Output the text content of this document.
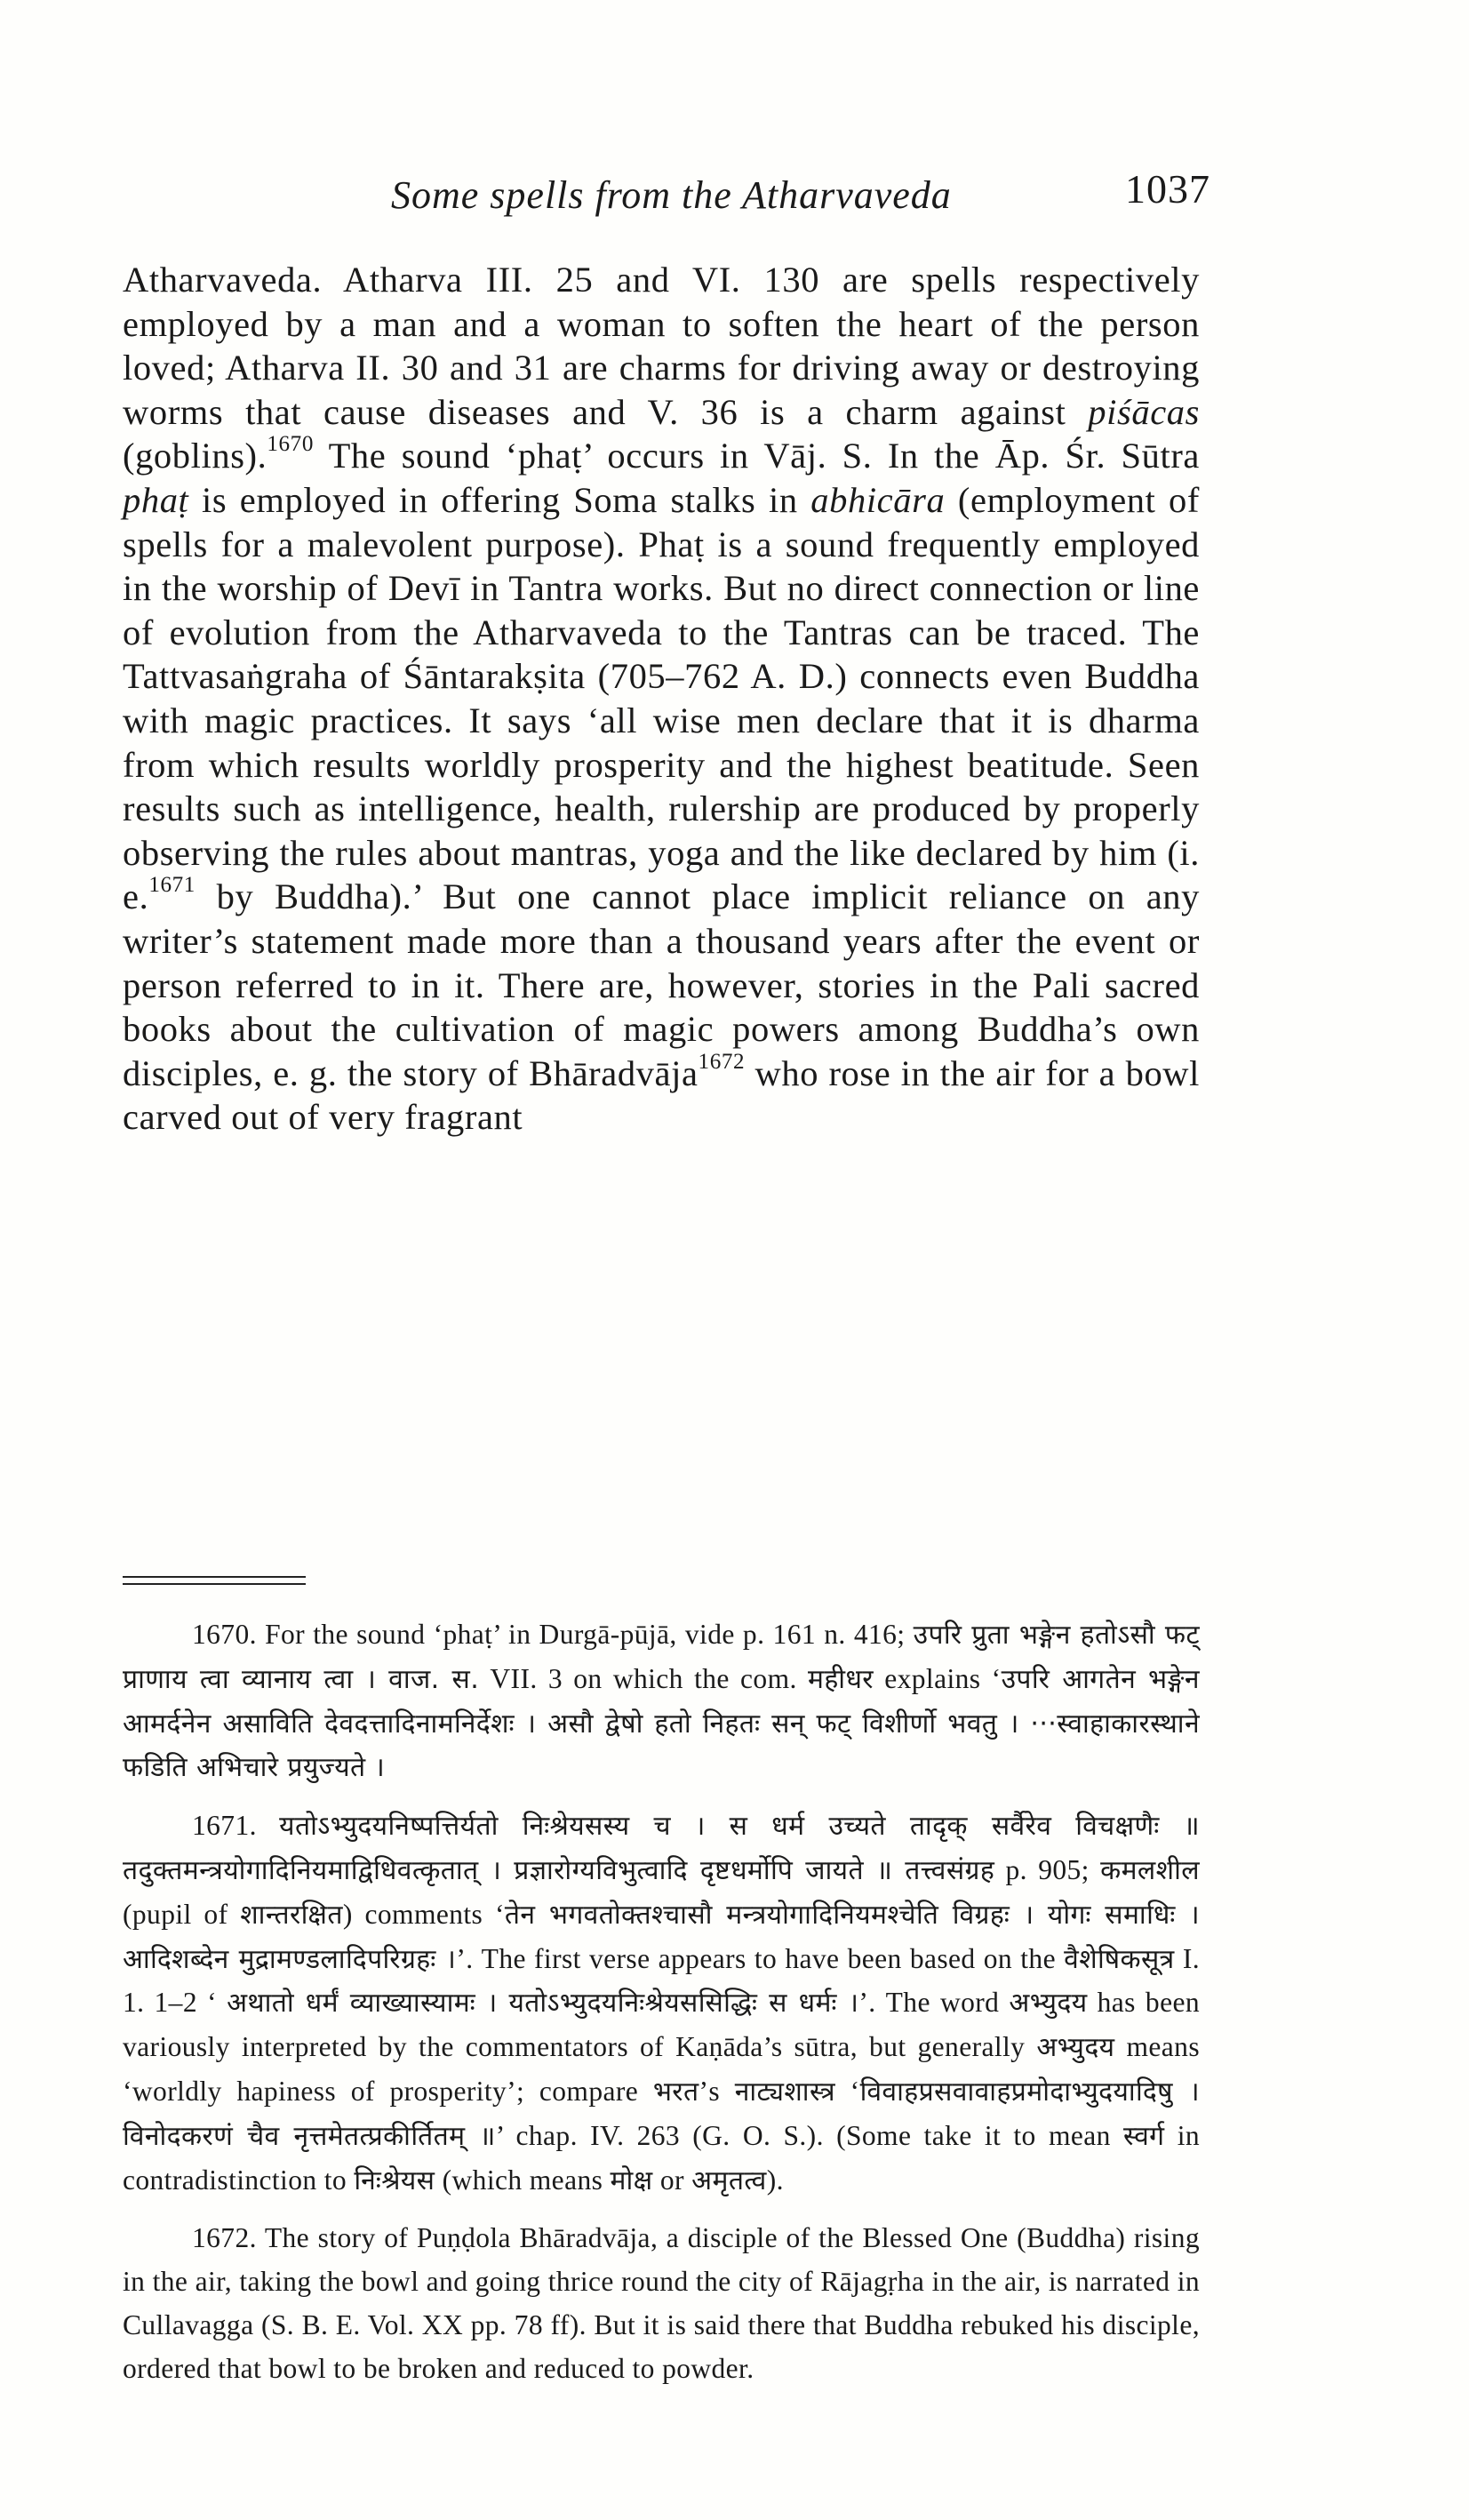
Some spells from the Atharvaveda	1037

Atharvaveda. Atharva III. 25 and VI. 130 are spells respectively employed by a man and a woman to soften the heart of the person loved; Atharva II. 30 and 31 are charms for driving away or destroying worms that cause diseases and V. 36 is a charm against piśācas (goblins).$^{1670}$ The sound ‘phaṭ’ occurs in Vāj. S. In the Āp. Śr. Sūtra phaṭ is employed in offering Soma stalks in abhicāra (employment of spells for a malevolent purpose). Phaṭ is a sound frequently employed in the worship of Devī in Tantra works. But no direct connection or line of evolution from the Atharvaveda to the Tantras can be traced. The Tattvasaṅgraha of Śāntarakṣita (705–762 A. D.) connects even Buddha with magic practices. It says ‘all wise men declare that it is dharma from which results worldly prosperity and the highest beatitude. Seen results such as intelligence, health, rulership are produced by properly observing the rules about mantras, yoga and the like declared by him (i. e.$^{1671}$ by Buddha).’ But one cannot place implicit reliance on any writer’s statement made more than a thousand years after the event or person referred to in it. There are, however, stories in the Pali sacred books about the cultivation of magic powers among Buddha’s own disciples, e. g. the story of Bhāradvāja$^{1672}$ who rose in the air for a bowl carved out of very fragrant

1670. For the sound ‘phaṭ’ in Durgā-pūjā, vide p. 161 n. 416; उपरि प्रुता भङ्गेन हतोऽसौ फट् प्राणाय त्वा व्यानाय त्वा । वाज. स. VII. 3 on which the com. महीधर explains ‘उपरि आगतेन भङ्गेन आमर्दनेन असाविति देवदत्तादिनामनिर्देशः । असौ द्वेषो हतो निहतः सन् फट् विशीर्णो भवतु । ···स्वाहाकारस्थाने फडिति अभिचारे प्रयुज्यते ।

1671. यतोऽभ्युदयनिष्पत्तिर्यतो निःश्रेयसस्य च । स धर्म उच्यते तादृक् सर्वैरेव विचक्षणैः ॥ तदुक्तमन्त्रयोगादिनियमाद्विधिवत्कृतात् । प्रज्ञारोग्यविभुत्वादि दृष्टधर्मोपि जायते ॥ तत्त्वसंग्रह p. 905; कमलशील (pupil of शान्तरक्षित) comments ‘तेन भगवतोक्तश्चासौ मन्त्रयोगादिनियमश्चेति विग्रहः । योगः समाधिः । आदिशब्देन मुद्रामण्डलादिपरिग्रहः ।’. The first verse appears to have been based on the वैशेषिकसूत्र I. 1. 1–2 ‘ अथातो धर्मं व्याख्यास्यामः । यतोऽभ्युदयनिःश्रेयससिद्धिः स धर्मः ।’. The word अभ्युदय has been variously interpreted by the commentators of Kaṇāda’s sūtra, but generally अभ्युदय means ‘worldly hapiness of prosperity’; compare भरत’s नाट्यशास्त्र ‘विवाहप्रसवावाहप्रमोदाभ्युदयादिषु । विनोदकरणं चैव नृत्तमेतत्प्रकीर्तितम् ॥’ chap. IV. 263 (G. O. S.). (Some take it to mean स्वर्ग in contradistinction to निःश्रेयस (which means मोक्ष or अमृतत्व).

1672. The story of Puṇḍola Bhāradvāja, a disciple of the Blessed One (Buddha) rising in the air, taking the bowl and going thrice round the city of Rājagṛha in the air, is narrated in Cullavagga (S. B. E. Vol. XX pp. 78 ff). But it is said there that Buddha rebuked his disciple, ordered that bowl to be broken and reduced to powder.
